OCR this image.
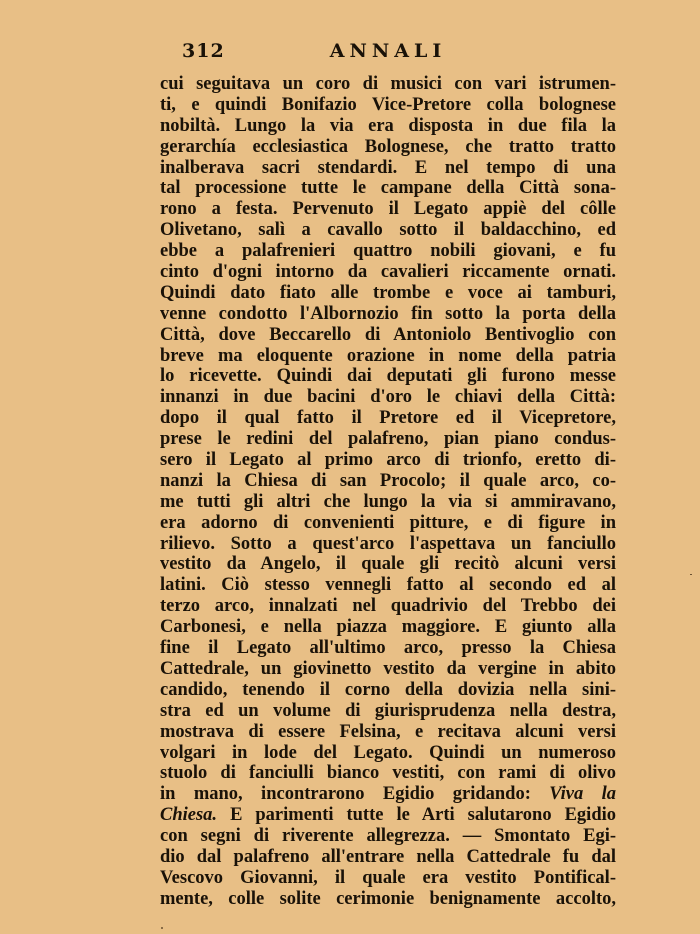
312	ANNALI
cui seguitava un coro di musici con vari istrumen-
ti, e quindi Bonifazio Vice-Pretore colla bolognese
nobiltà. Lungo la via era disposta in due fila la
gerarchía ecclesiastica Bolognese, che tratto tratto
inalberava sacri stendardi. E nel tempo di una
tal processione tutte le campane della Città sona-
rono a festa. Pervenuto il Legato appiè del côlle
Olivetano, salì a cavallo sotto il baldacchino, ed
ebbe a palafrenieri quattro nobili giovani, e fu
cinto d'ogni intorno da cavalieri riccamente ornati.
Quindi dato fiato alle trombe e voce ai tamburi,
venne condotto l'Albornozio fin sotto la porta della
Città, dove Beccarello di Antoniolo Bentivoglio con
breve ma eloquente orazione in nome della patria
lo ricevette. Quindi dai deputati gli furono messe
innanzi in due bacini d'oro le chiavi della Città:
dopo il qual fatto il Pretore ed il Vicepretore,
prese le redini del palafreno, pian piano condus-
sero il Legato al primo arco di trionfo, eretto di-
nanzi la Chiesa di san Procolo; il quale arco, co-
me tutti gli altri che lungo la via si ammiravano,
era adorno di convenienti pitture, e di figure in
rilievo. Sotto a quest'arco l'aspettava un fanciullo
vestito da Angelo, il quale gli recitò alcuni versi
latini. Ciò stesso vennegli fatto al secondo ed al
terzo arco, innalzati nel quadrivio del Trebbo dei
Carbonesi, e nella piazza maggiore. E giunto alla
fine il Legato all'ultimo arco, presso la Chiesa
Cattedrale, un giovinetto vestito da vergine in abito
candido, tenendo il corno della dovizia nella sini-
stra ed un volume di giurisprudenza nella destra,
mostrava di essere Felsina, e recitava alcuni versi
volgari in lode del Legato. Quindi un numeroso
stuolo di fanciulli bianco vestiti, con rami di olivo
in mano, incontrarono Egidio gridando: Viva la
Chiesa. E parimenti tutte le Arti salutarono Egidio
con segni di riverente allegrezza. — Smontato Egi-
dio dal palafreno all'entrare nella Cattedrale fu dal
Vescovo Giovanni, il quale era vestito Pontifical-
mente, colle solite cerimonie benignamente accolto,
